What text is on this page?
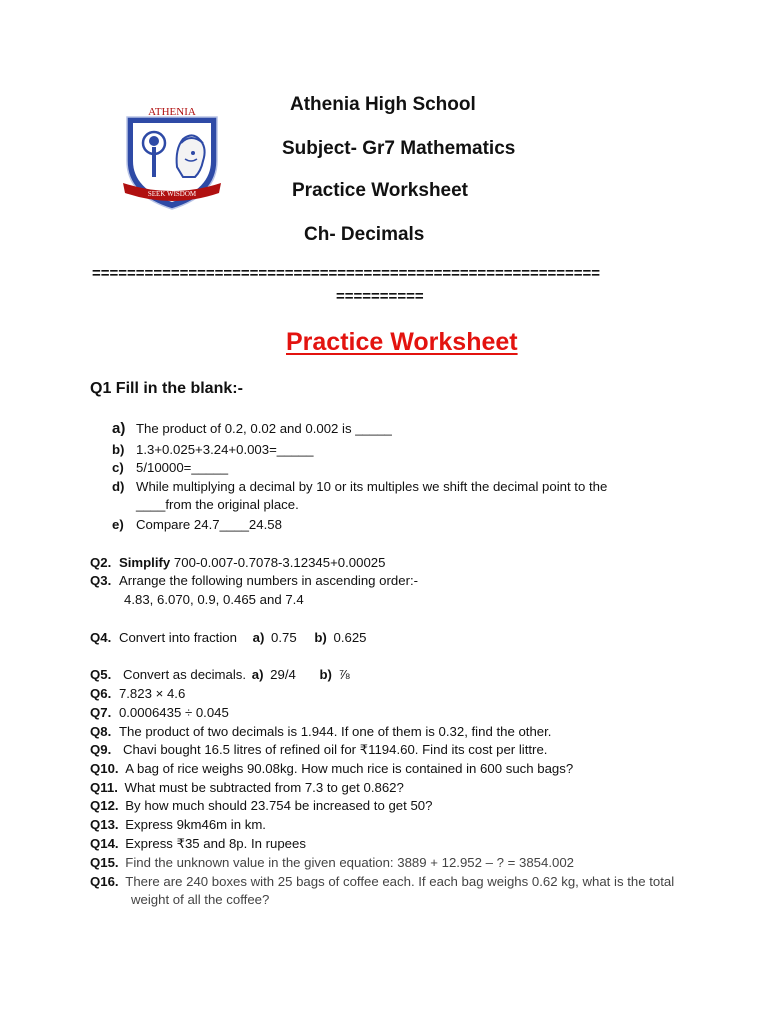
ATHENIA
SEEK WISDOM
Athenia High School
Subject- Gr7 Mathematics
Practice Worksheet
Ch- Decimals
==========================================================
==========
Practice Worksheet
Q1 Fill in the blank:-
a) The product of 0.2, 0.02 and 0.002 is _____
b) 1.3+0.025+3.24+0.003=_____
c) 5/10000=_____
d) While multiplying a decimal by 10 or its multiples we shift the decimal point to the
____from the original place.
e) Compare 24.7____24.58
Q2. Simplify 700-0.007-0.7078-3.12345+0.00025
Q3. Arrange the following numbers in ascending order:-
4.83, 6.070, 0.9, 0.465 and 7.4
Q4. Convert into fraction a) 0.75 b) 0.625
Q5. Convert as decimals. a) 29/4 b) ⅞
Q6. 7.823 × 4.6
Q7. 0.0006435 ÷ 0.045
Q8. The product of two decimals is 1.944. If one of them is 0.32, find the other.
Q9. Chavi bought 16.5 litres of refined oil for ₹1194.60. Find its cost per littre.
Q10. A bag of rice weighs 90.08kg. How much rice is contained in 600 such bags?
Q11. What must be subtracted from 7.3 to get 0.862?
Q12. By how much should 23.754 be increased to get 50?
Q13. Express 9km46m in km.
Q14. Express ₹35 and 8p. In rupees
Q15. Find the unknown value in the given equation: 3889 + 12.952 – ? = 3854.002
Q16. There are 240 boxes with 25 bags of coffee each. If each bag weighs 0.62 kg, what is the total
weight of all the coffee?
